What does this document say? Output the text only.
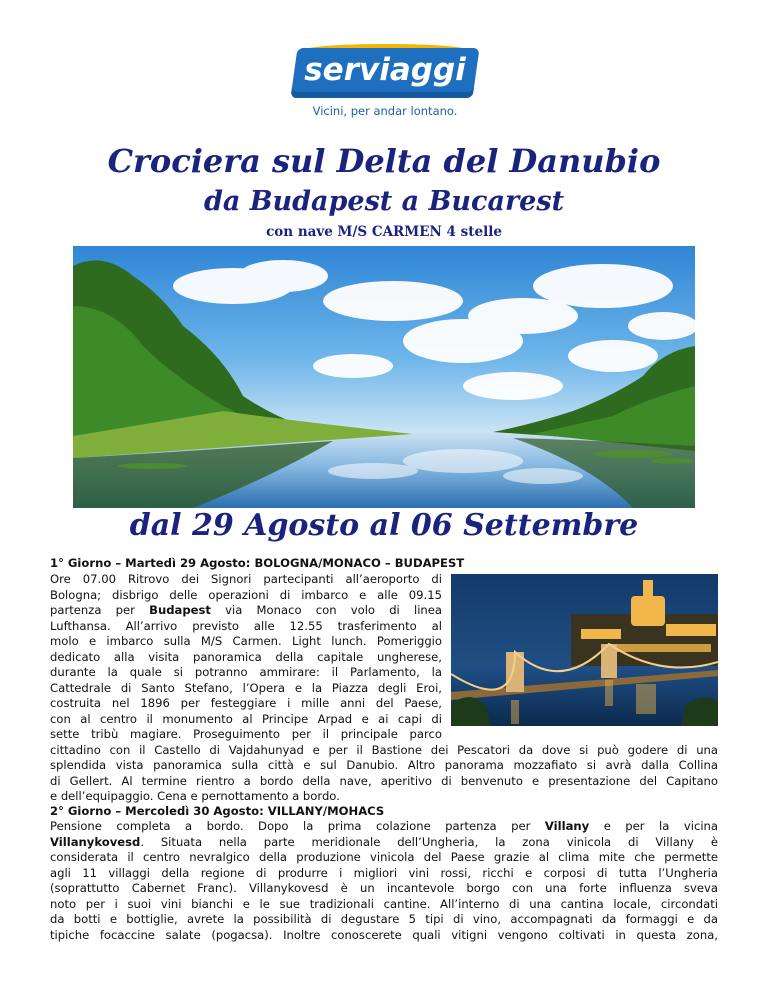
serviaggi
Vicini, per andar lontano.
Crociera sul Delta del Danubio
da Budapest a Bucarest
con nave M/S CARMEN 4 stelle
dal 29 Agosto al 06 Settembre
1° Giorno – Martedì 29 Agosto: BOLOGNA/MONACO – BUDAPEST
Ore 07.00 Ritrovo dei Signori partecipanti all’aeroporto di
Bologna; disbrigo delle operazioni di imbarco e alle 09.15
partenza per Budapest via Monaco con volo di linea
Lufthansa. All’arrivo previsto alle 12.55 trasferimento al
molo e imbarco sulla M/S Carmen. Light lunch. Pomeriggio
dedicato alla visita panoramica della capitale ungherese,
durante la quale si potranno ammirare: il Parlamento, la
Cattedrale di Santo Stefano, l’Opera e la Piazza degli Eroi,
costruita nel 1896 per festeggiare i mille anni del Paese,
con al centro il monumento al Principe Arpad e ai capi di
sette tribù magiare. Proseguimento per il principale parco
cittadino con il Castello di Vajdahunyad e per il Bastione dei Pescatori da dove si può godere di una
splendida vista panoramica sulla città e sul Danubio. Altro panorama mozzafiato si avrà dalla Collina
di Gellert. Al termine rientro a bordo della nave, aperitivo di benvenuto e presentazione del Capitano
e dell’equipaggio. Cena e pernottamento a bordo.
2° Giorno – Mercoledì 30 Agosto: VILLANY/MOHACS
Pensione completa a bordo. Dopo la prima colazione partenza per Villany e per la vicina
Villanykovesd. Situata nella parte meridionale dell’Ungheria, la zona vinicola di Villany è
considerata il centro nevralgico della produzione vinicola del Paese grazie al clima mite che permette
agli 11 villaggi della regione di produrre i migliori vini rossi, ricchi e corposi di tutta l’Ungheria
(soprattutto Cabernet Franc). Villanykovesd è un incantevole borgo con una forte influenza sveva
noto per i suoi vini bianchi e le sue tradizionali cantine. All’interno di una cantina locale, circondati
da botti e bottiglie, avrete la possibilità di degustare 5 tipi di vino, accompagnati da formaggi e da
tipiche focaccine salate (pogacsa). Inoltre conoscerete quali vitigni vengono coltivati in questa zona,
